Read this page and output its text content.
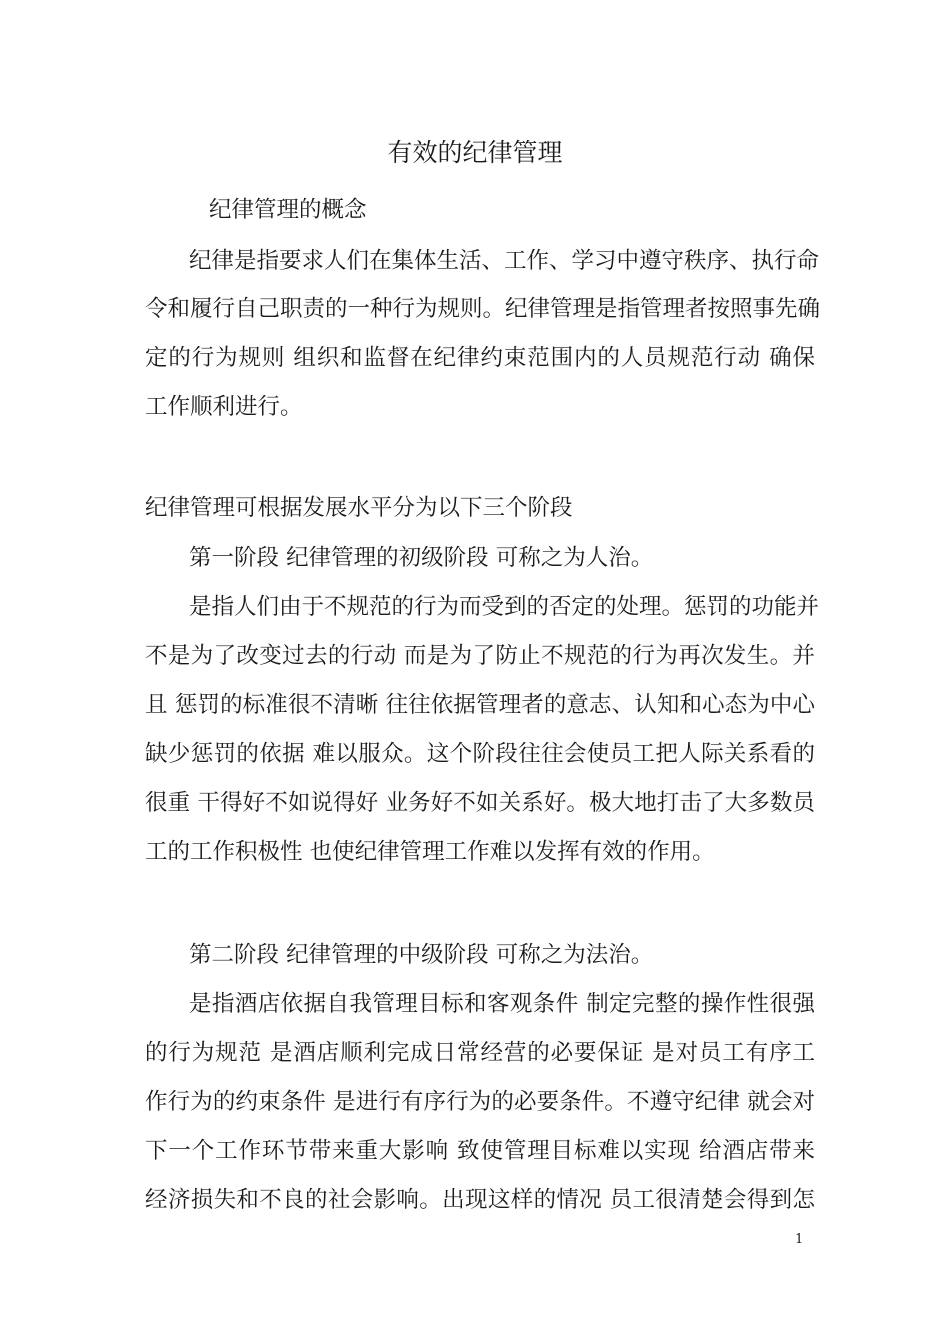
有效的纪律管理
纪律管理的概念
纪律是指要求人们在集体生活、工作、学习中遵守秩序、执行命
令和履行自己职责的一种行为规则。纪律管理是指管理者按照事先确
定的行为规则 组织和监督在纪律约束范围内的人员规范行动 确保
工作顺利进行。
纪律管理可根据发展水平分为以下三个阶段
第一阶段 纪律管理的初级阶段 可称之为人治。
是指人们由于不规范的行为而受到的否定的处理。惩罚的功能并
不是为了改变过去的行动 而是为了防止不规范的行为再次发生。并
且 惩罚的标准很不清晰 往往依据管理者的意志、认知和心态为中心
缺少惩罚的依据 难以服众。这个阶段往往会使员工把人际关系看的
很重 干得好不如说得好 业务好不如关系好。极大地打击了大多数员
工的工作积极性 也使纪律管理工作难以发挥有效的作用。
第二阶段 纪律管理的中级阶段 可称之为法治。
是指酒店依据自我管理目标和客观条件 制定完整的操作性很强
的行为规范 是酒店顺利完成日常经营的必要保证 是对员工有序工
作行为的约束条件 是进行有序行为的必要条件。不遵守纪律 就会对
下一个工作环节带来重大影响 致使管理目标难以实现 给酒店带来
经济损失和不良的社会影响。出现这样的情况 员工很清楚会得到怎
1
